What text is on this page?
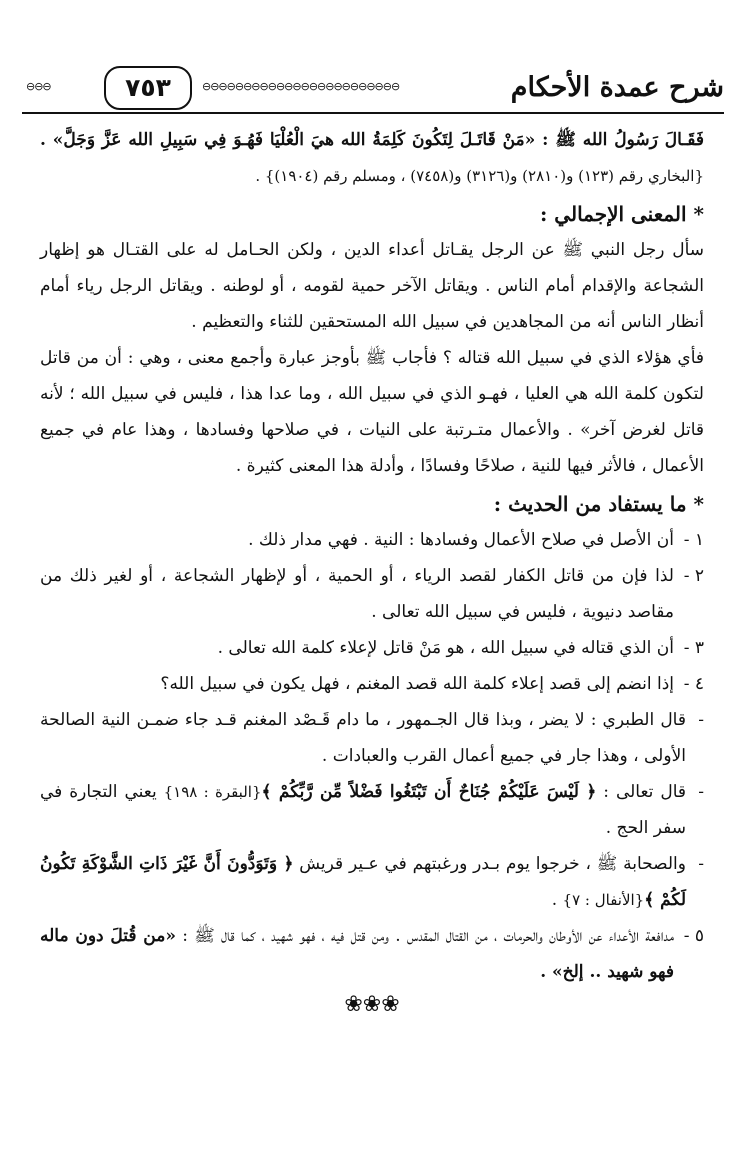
⊖⊖⊖	٧٥٣	⊖⊖⊖⊖⊖⊖⊖⊖⊖⊖⊖⊖⊖⊖⊖⊖⊖⊖⊖⊖⊖⊖⊖⊖	شرح عمدة الأحكام

فَقَـالَ رَسُولُ الله ﷺ : «مَنْ قَاتَـلَ لِتَكُونَ كَلِمَةُ الله هيَ الْعُلْيَا فَهُـوَ فِي سَبِيلِ الله عَزَّ وَجَلَّ» . {البخاري رقم (١٢٣) و(٢٨١٠) و(٣١٢٦) و(٧٤٥٨) ، ومسلم رقم (١٩٠٤)} .

* المعنى الإجمالي :

سأل رجل النبي ﷺ عن الرجل يقـاتل أعداء الدين ، ولكن الحـامل له على القتـال هو إظهار الشجاعة والإقدام أمام الناس . ويقاتل الآخر حمية لقومه ، أو لوطنه . ويقاتل الرجل رياء أمام أنظار الناس أنه من المجاهدين في سبيل الله المستحقين للثناء والتعظيم .

فأي هؤلاء الذي في سبيل الله قتاله ؟ فأجاب ﷺ بأوجز عبارة وأجمع معنى ، وهي : أن من قاتل لتكون كلمة الله هي العليا ، فهـو الذي في سبيل الله ، وما عدا هذا ، فليس في سبيل الله ؛ لأنه قاتل لغرض آخر» . والأعمال متـرتبة على النيات ، في صلاحها وفسادها ، وهذا عام في جميع الأعمال ، فالأثر فيها للنية ، صلاحًا وفسادًا ، وأدلة هذا المعنى كثيرة .

* ما يستفاد من الحديث :
١ -
أن الأصل في صلاح الأعمال وفسادها : النية . فهي مدار ذلك .
٢ -
لذا فإن من قاتل الكفار لقصد الرياء ، أو الحمية ، أو لإظهار الشجاعة ، أو لغير ذلك من مقاصد دنيوية ، فليس في سبيل الله تعالى .
٣ -
أن الذي قتاله في سبيل الله ، هو مَنْ قاتل لإعلاء كلمة الله تعالى .
٤ -
إذا انضم إلى قصد إعلاء كلمة الله قصد المغنم ، فهل يكون في سبيل الله؟
-
قال الطبري : لا يضر ، وبذا قال الجـمهور ، ما دام قَـصْد المغنم قـد جاء ضمـن النية الصالحة الأولى ، وهذا جار في جميع أعمال القرب والعبادات .
-
قال تعالى : ﴿ لَيْسَ عَلَيْكُمْ جُنَاحٌ أَن تَبْتَغُوا فَضْلاً مِّن رَّبِّكُمْ ﴾{البقرة : ١٩٨} يعني التجارة في سفر الحج .
-
والصحابة ﷺ ، خرجوا يوم بـدر ورغبتهم في عـير قريش ﴿ وَتَوَدُّونَ أَنَّ غَيْرَ ذَاتِ الشَّوْكَةِ تَكُونُ لَكُمْ ﴾{الأنفال : ٧} .
٥ -
مدافعة الأعداء عن الأوطان والحرمات ، من القتال المقدس . ومن قتل فيه ، فهو شهيد ، كما قال ﷺ : «من قُتلَ دون ماله فهو شهيد .. إلخ» .
❀❀❀
